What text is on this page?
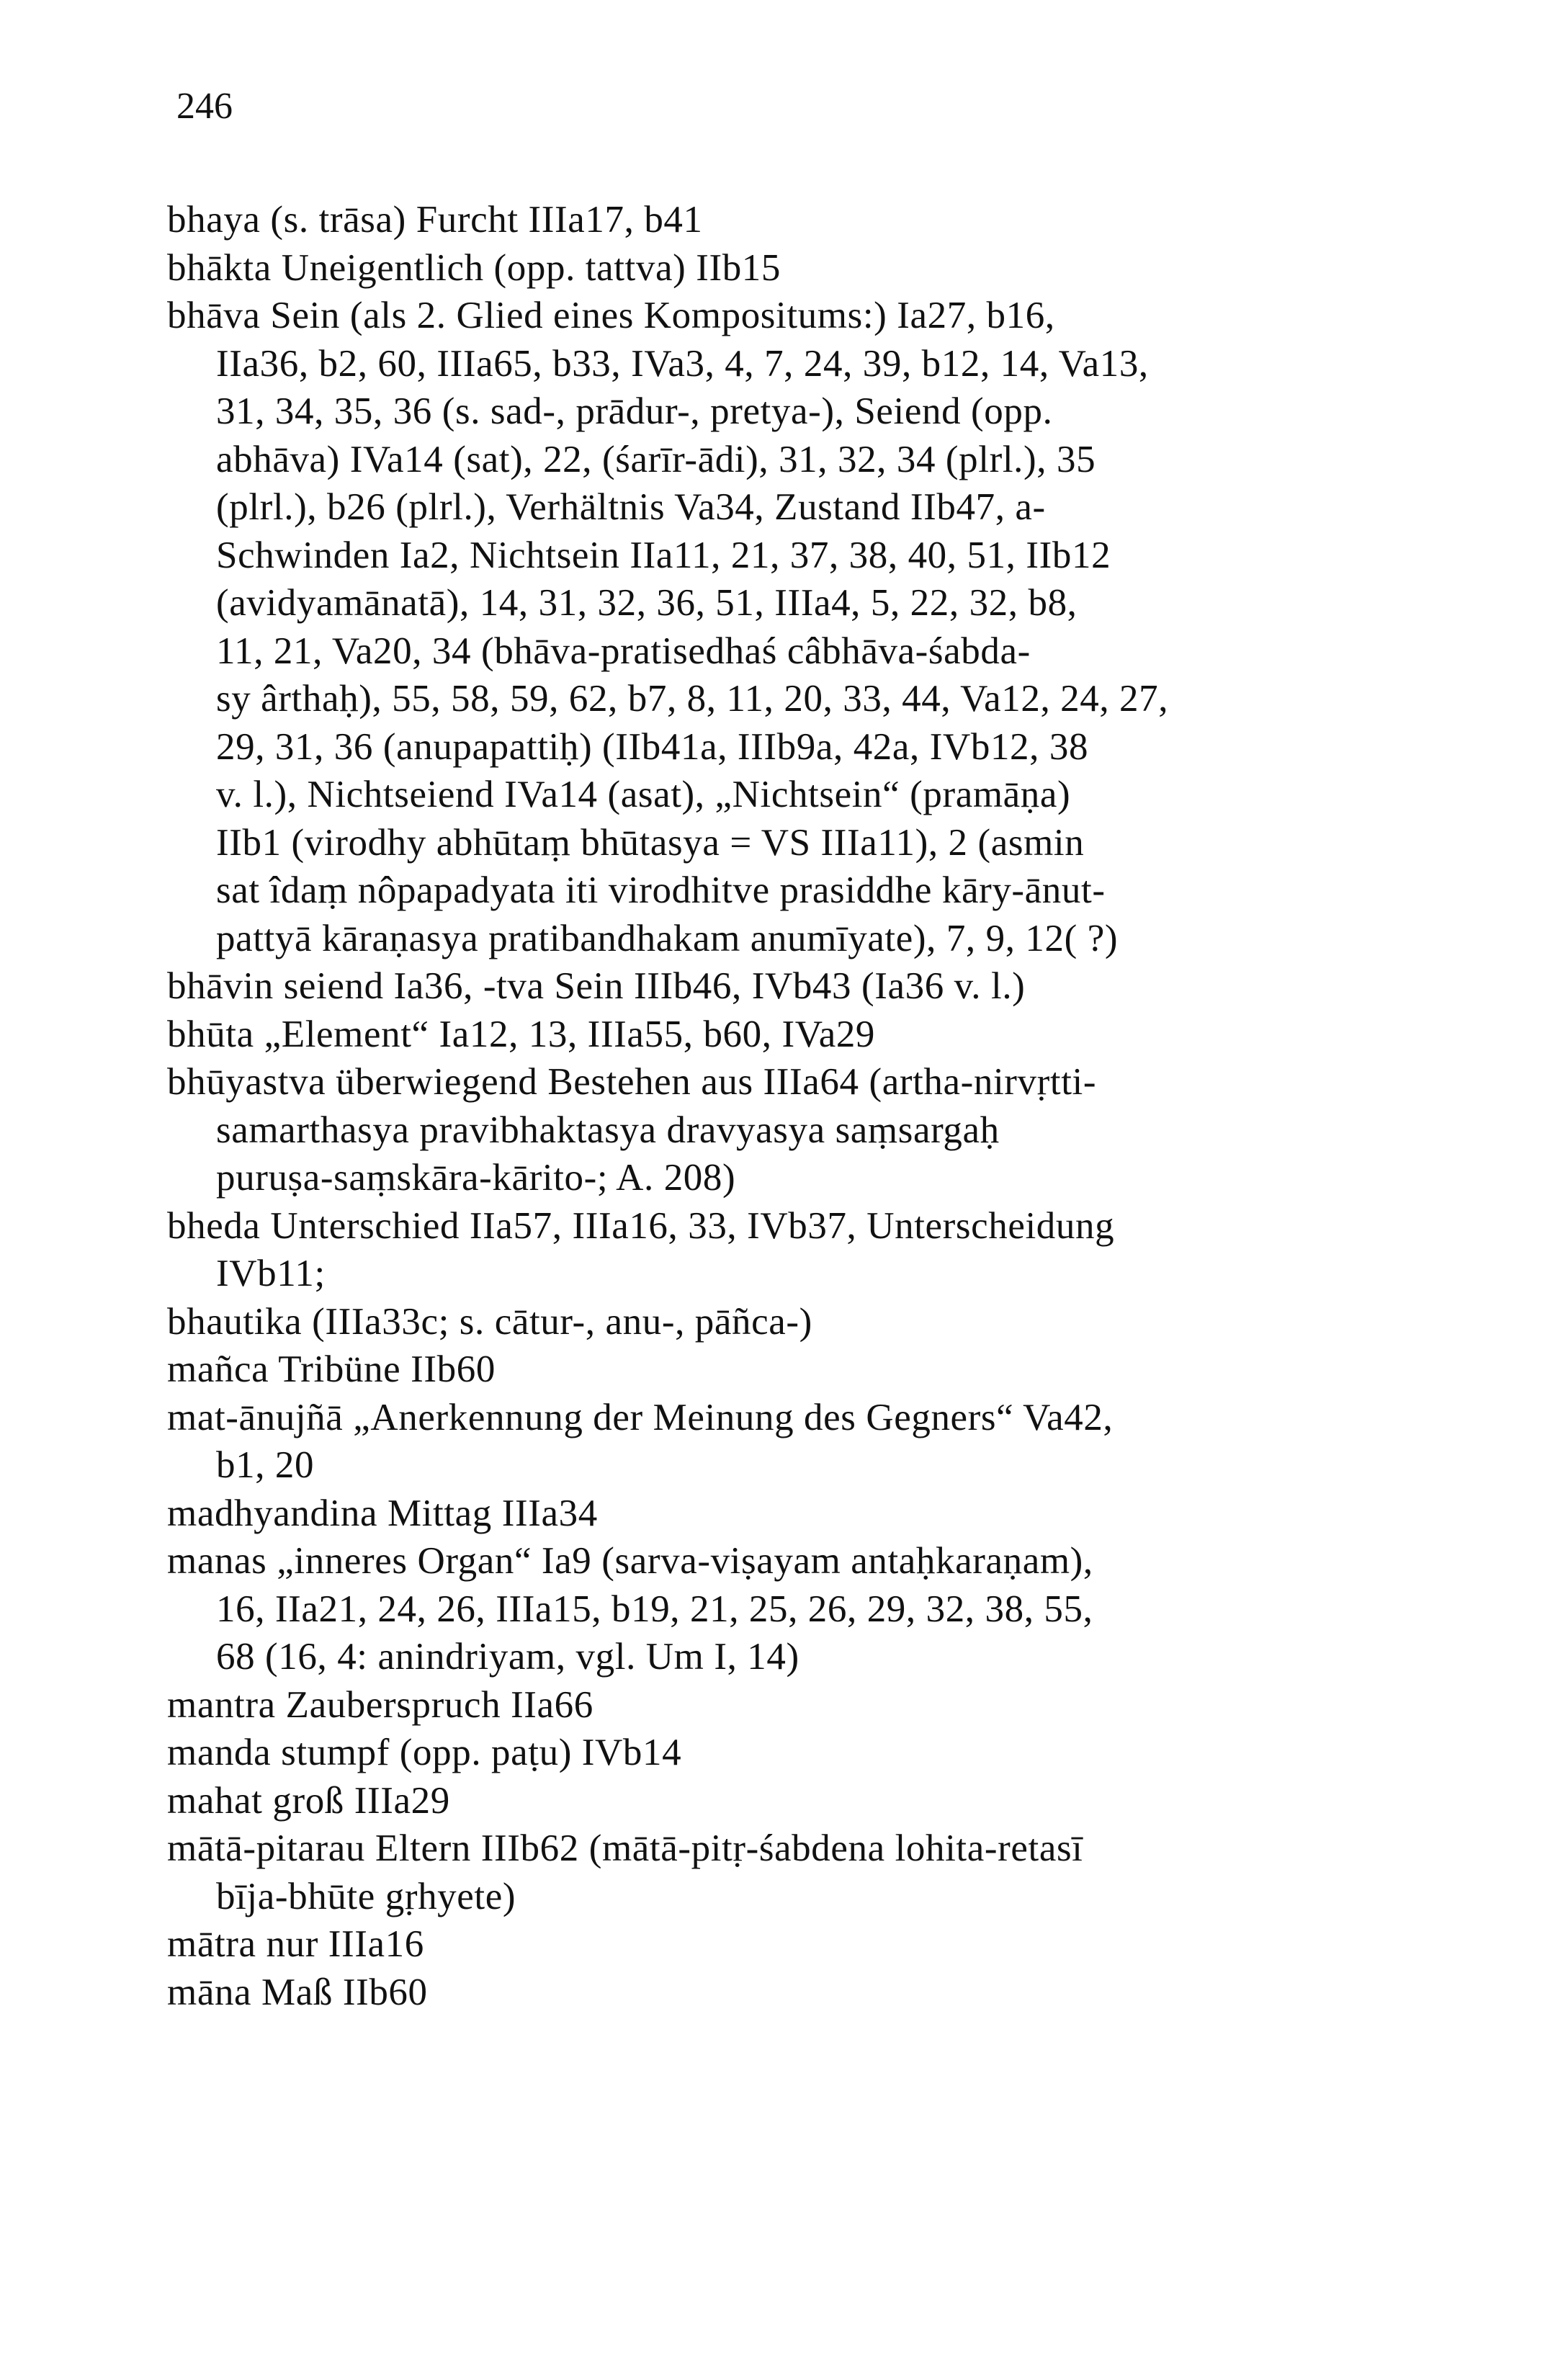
246
bhaya (s. trāsa) Furcht IIIa17, b41
bhākta Uneigentlich (opp. tattva) IIb15
bhāva Sein (als 2. Glied eines Kompositums:) Ia27, b16,
IIa36, b2, 60, IIIa65, b33, IVa3, 4, 7, 24, 39, b12, 14, Va13,
31, 34, 35, 36 (s. sad-, prādur-, pretya-), Seiend (opp.
abhāva) IVa14 (sat), 22, (śarīr-ādi), 31, 32, 34 (plrl.), 35
(plrl.), b26 (plrl.), Verhältnis Va34, Zustand IIb47, a-
Schwinden Ia2, Nichtsein IIa11, 21, 37, 38, 40, 51, IIb12
(avidyamānatā), 14, 31, 32, 36, 51, IIIa4, 5, 22, 32, b8,
11, 21, Va20, 34 (bhāva-pratisedhaś câbhāva-śabda-
sy ârthaḥ), 55, 58, 59, 62, b7, 8, 11, 20, 33, 44, Va12, 24, 27,
29, 31, 36 (anupapattiḥ) (IIb41a, IIIb9a, 42a, IVb12, 38
v. l.), Nichtseiend IVa14 (asat), „Nichtsein“ (pramāṇa)
IIb1 (virodhy abhūtaṃ bhūtasya = VS IIIa11), 2 (asmin
sat îdaṃ nôpapadyata iti virodhitve prasiddhe kāry-ānut-
pattyā kāraṇasya pratibandhakam anumīyate), 7, 9, 12( ?)
bhāvin seiend Ia36, -tva Sein IIIb46, IVb43 (Ia36 v. l.)
bhūta „Element“ Ia12, 13, IIIa55, b60, IVa29
bhūyastva überwiegend Bestehen aus IIIa64 (artha-nirvṛtti-
samarthasya pravibhaktasya dravyasya saṃsargaḥ
puruṣa-saṃskāra-kārito-; A. 208)
bheda Unterschied IIa57, IIIa16, 33, IVb37, Unterscheidung
IVb11;
bhautika (IIIa33c; s. cātur-, anu-, pāñca-)
mañca Tribüne IIb60
mat-ānujñā „Anerkennung der Meinung des Gegners“ Va42,
b1, 20
madhyandina Mittag IIIa34
manas „inneres Organ“ Ia9 (sarva-viṣayam antaḥkaraṇam),
16, IIa21, 24, 26, IIIa15, b19, 21, 25, 26, 29, 32, 38, 55,
68 (16, 4: anindriyam, vgl. Um I, 14)
mantra Zauberspruch IIa66
manda stumpf (opp. paṭu) IVb14
mahat groß IIIa29
mātā-pitarau Eltern IIIb62 (mātā-pitṛ-śabdena lohita-retasī
bīja-bhūte gṛhyete)
mātra nur IIIa16
māna Maß IIb60
